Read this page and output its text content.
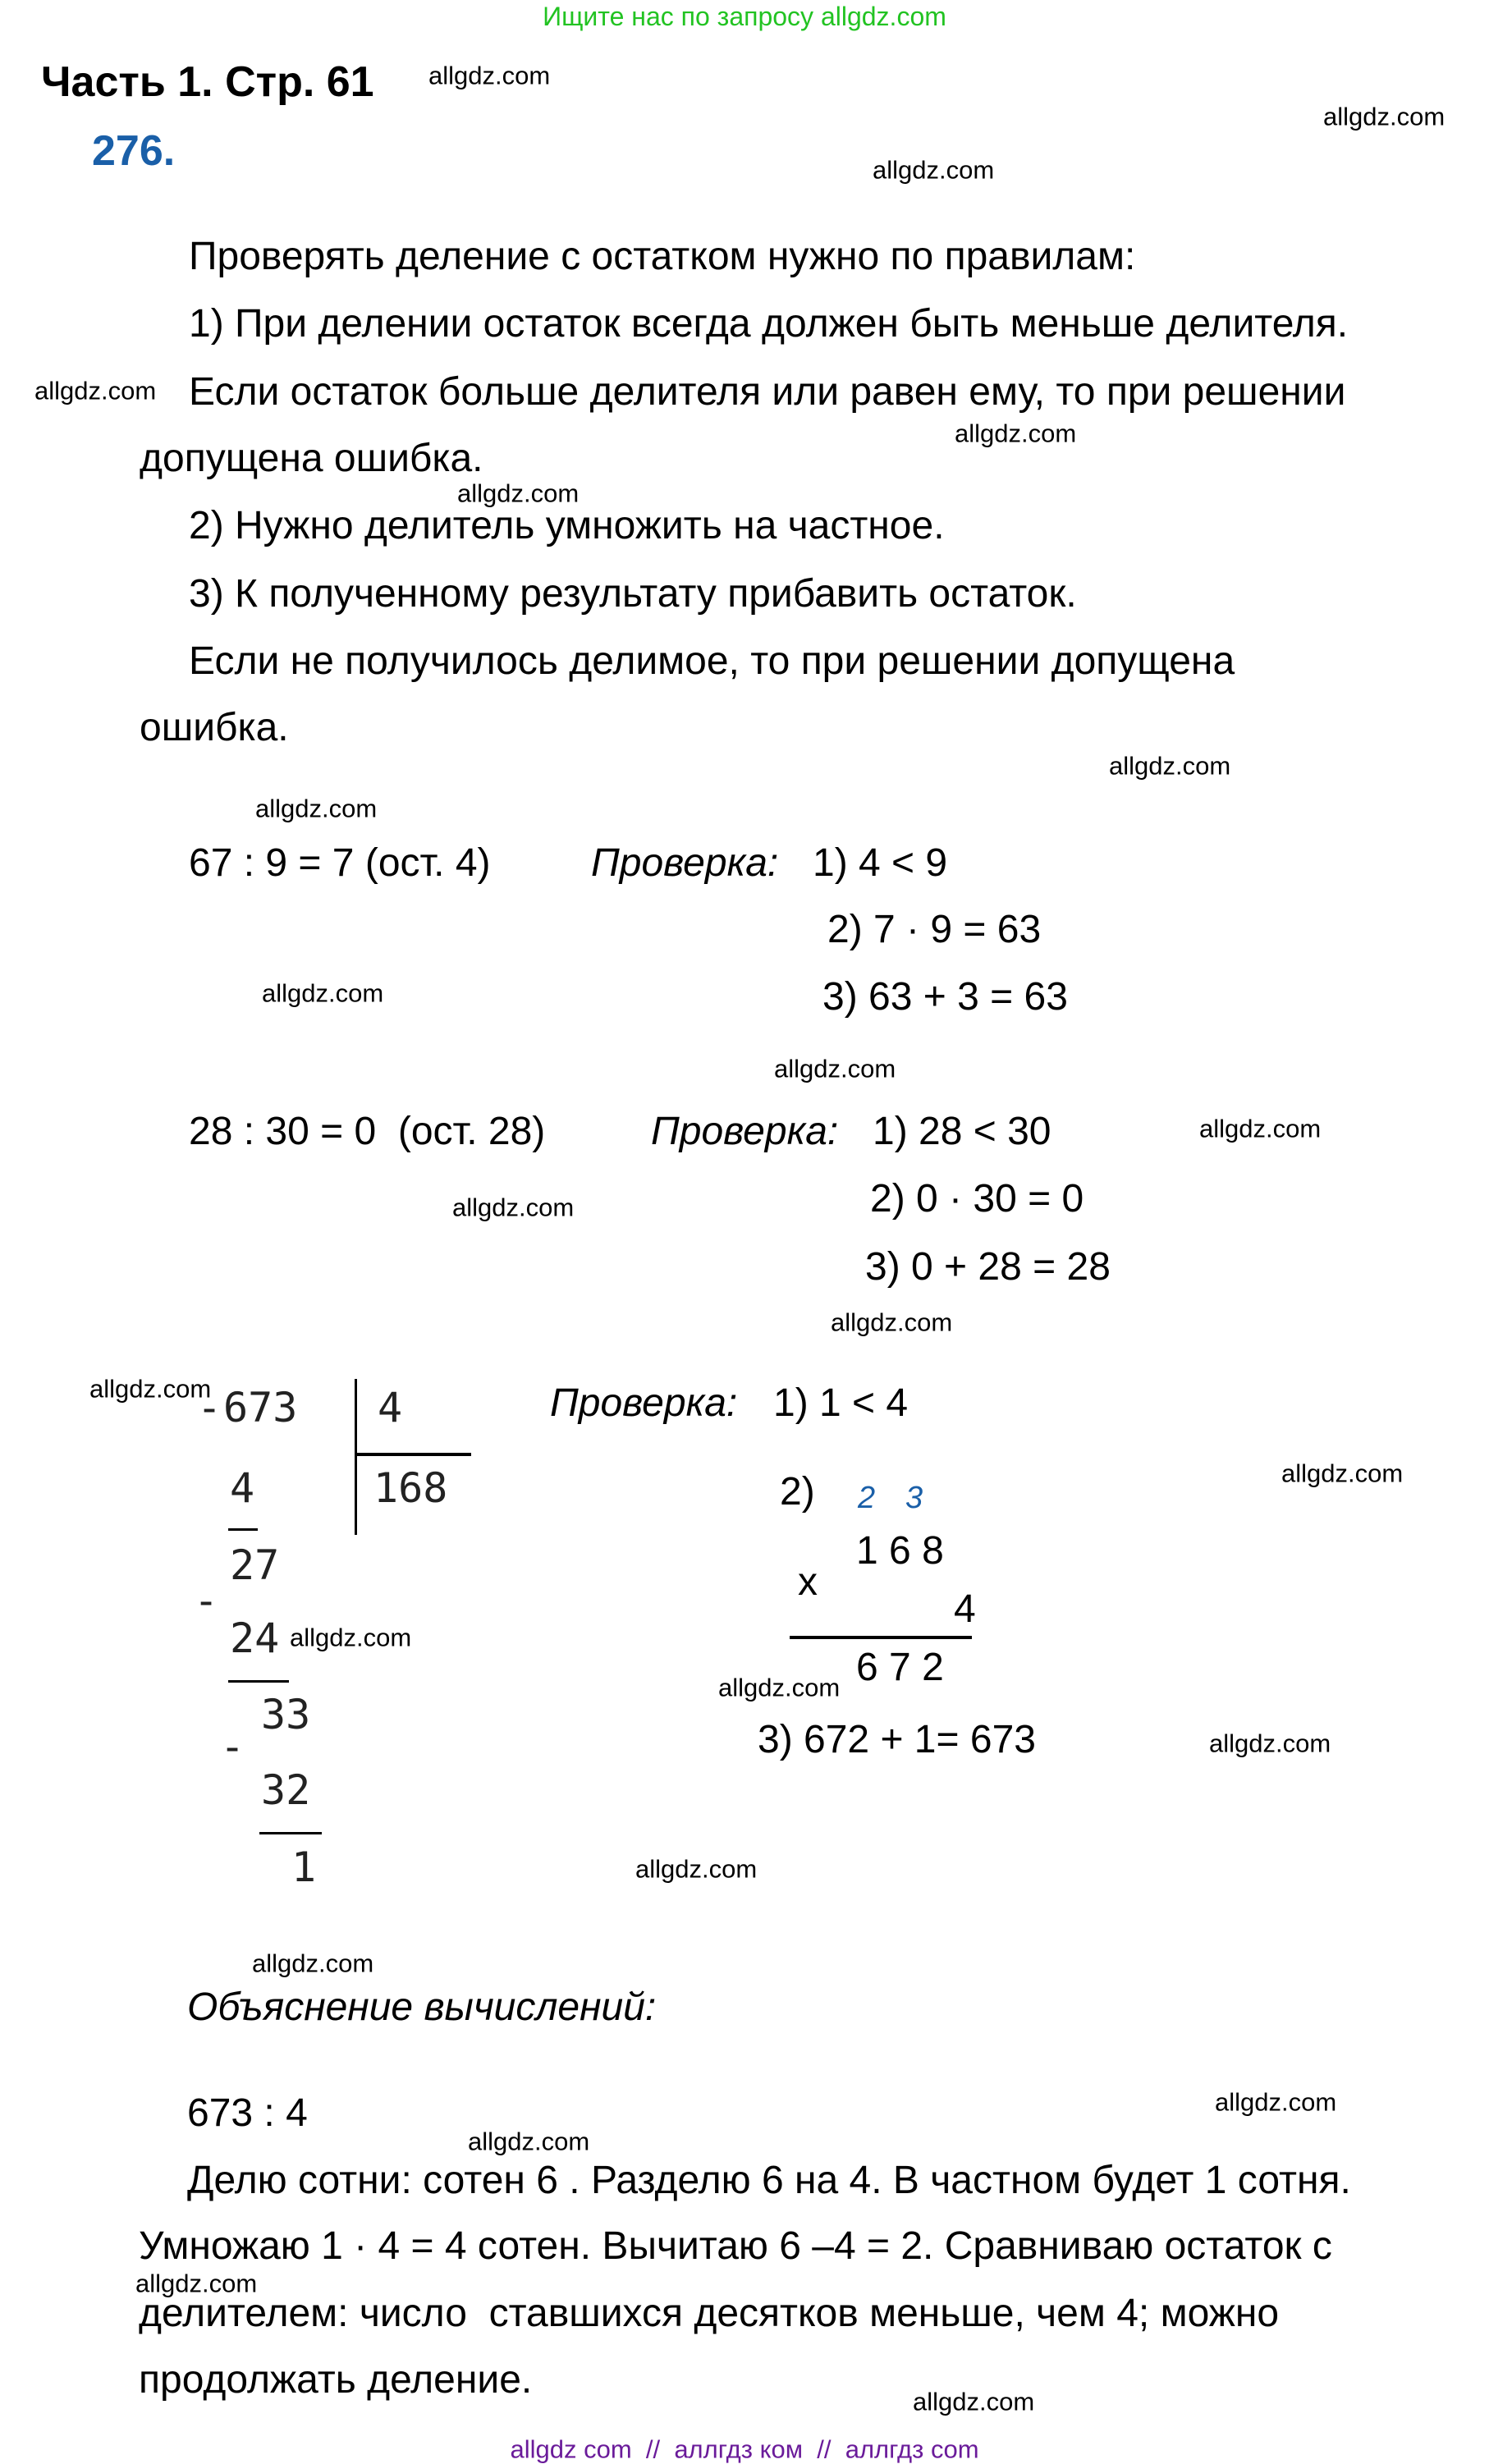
Ищите нас по запросу allgdz.com
Часть 1. Стр. 61
276.
Проверять деление с остатком нужно по правилам:
1) При делении остаток всегда должен быть меньше делителя.
Если остаток больше делителя или равен ему, то при решении
допущена ошибка.
2) Нужно делитель умножить на частное.
3) К полученному результату прибавить остаток.
Если не получилось делимое, то при решении допущена
ошибка.
67 : 9 = 7 (ост. 4)	Проверка: 1) 4 < 9
2) 7 · 9 = 63
3) 63 + 3 = 63
28 : 30 = 0  (ост. 28)	Проверка: 1) 28 < 30
2) 0 · 30 = 0
3) 0 + 28 = 28
- 673 4
168
4
27
-
24
33
-
32
1
Проверка: 1) 1 < 4
2) 2 3
1 6 8
x
4
6 7 2
3) 672 + 1= 673
Объяснение вычислений:
673 : 4
Делю сотни: сотен 6 . Разделю 6 на 4. В частном будет 1 сотня.
Умножаю 1 · 4 = 4 сотен. Вычитаю 6 –4 = 2. Сравниваю остаток с
делителем: число  ставшихся десятков меньше, чем 4; можно
продолжать деление.
allgdz.com
allgdz.com
allgdz.com
allgdz.com
allgdz.com
allgdz.com
allgdz.com
allgdz.com
allgdz.com
allgdz.com
allgdz.com
allgdz.com
allgdz.com
allgdz.com
allgdz.com
allgdz.com
allgdz.com
allgdz.com
allgdz.com
allgdz.com
allgdz.com
allgdz.com
allgdz.com
allgdz.com
allgdz com  //  аллгдз ком  //  аллгдз com
